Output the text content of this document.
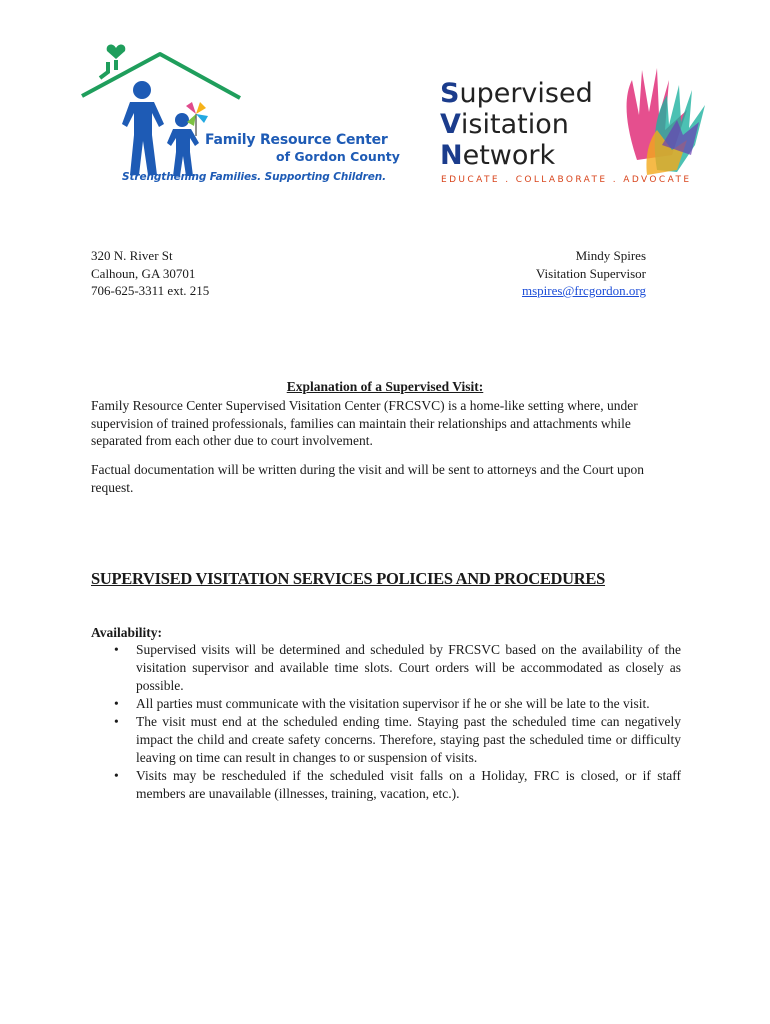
Family Resource Center
of Gordon County
Strengthening Families. Supporting Children.
Supervised
Visitation
Network
EDUCATE . COLLABORATE . ADVOCATE
320 N. River St
Calhoun, GA 30701
706-625-3311 ext. 215
Mindy Spires
Visitation Supervisor
mspires@frcgordon.org
Explanation of a Supervised Visit:
Family Resource Center Supervised Visitation Center (FRCSVC) is a home-like setting where, under supervision of trained professionals, families can maintain their relationships and attachments while separated from each other due to court involvement.
Factual documentation will be written during the visit and will be sent to attorneys and the Court upon request.
SUPERVISED VISITATION SERVICES POLICIES AND PROCEDURES
Availability:
• Supervised visits will be determined and scheduled by FRCSVC based on the availability of the visitation supervisor and available time slots. Court orders will be accommodated as closely as possible.
• All parties must communicate with the visitation supervisor if he or she will be late to the visit.
• The visit must end at the scheduled ending time. Staying past the scheduled time can negatively impact the child and create safety concerns. Therefore, staying past the scheduled time or difficulty leaving on time can result in changes to or suspension of visits.
• Visits may be rescheduled if the scheduled visit falls on a Holiday, FRC is closed, or if staff members are unavailable (illnesses, training, vacation, etc.).
